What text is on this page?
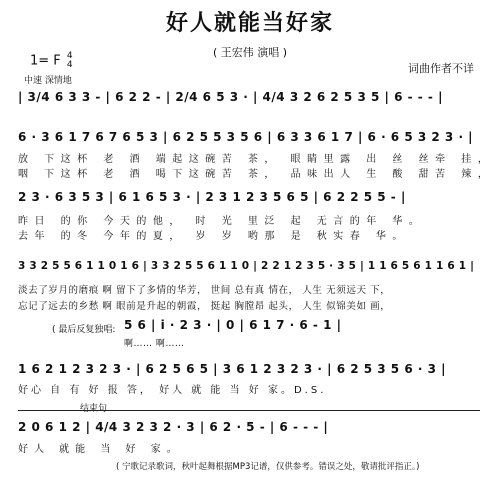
好人就能当好家
( 王宏伟 演唱 )
词曲作者不详
1= F 4
4
中速 深情地
| 3/4 6 3 3 - | 6 2 2 - | 2/4 6 5 3 · | 4/4 3 2 6 2 5 3 5 | 6 - - - |
6 · 3 6 1 7 6 7 6 5 3 | 6 2 5 5 3 5 6 | 6 3 3 6 1 7 | 6 · 6 5 3 2 3 · |
放 下这杯 老 酒 端起这碗苦 茶， 眼睛里露 出 丝 丝牵 挂，
咽 下这杯 老 酒 喝下这碗苦 茶， 品味出人 生 酸 甜苦 辣，
2 3 · 6 3 5 3 | 6 1 6 5 3 · | 2 3 1 2 3 5 6 5 | 6 2 2 5 5 - |
昨日 的你 今天的他， 时 光 里泛 起 无言的年 华。
去年 的冬 今年的夏， 岁 岁 哟那 是 秋实春 华。
3 3 2 5 5 6 1 1 0 1 6 | 3 3 2 5 5 6 1 1 0 | 2 2 1 2 3 5 · 3 5 | 1 1 6 5 6 1 1 6 1 |
淡去了岁月的磨痕 啊 留下了多情的华芳， 世间 总有真 情在， 人生 无须远天 下，
忘记了远去的乡愁 啊 眼前是升起的朝霞， 挺起 胸膛昂 起头， 人生 似锦美如 画，
( 最后反复独唱: 5 6 | i · 2 3 · | 0 | 6 1 7 · 6 - 1 |
啊…… 啊……
1 6 2 1 2 3 2 3 · | 6 2 5 6 5 | 3 6 1 2 3 2 3 · | 6 2 5 3 5 6 · 3 |
好心 自 有 好 报 答， 好人 就 能 当 好 家。D.S.
结束句
2 0 6 1 2 | 4/4 3 2 3 2 · 3 | 6 2 · 5 - | 6 - - - |
好人 就能 当 好 家。
( 宁歌记录歌词，秋叶起舞根据MP3记谱，仅供参考。错误之处，敬请批评指正。)
